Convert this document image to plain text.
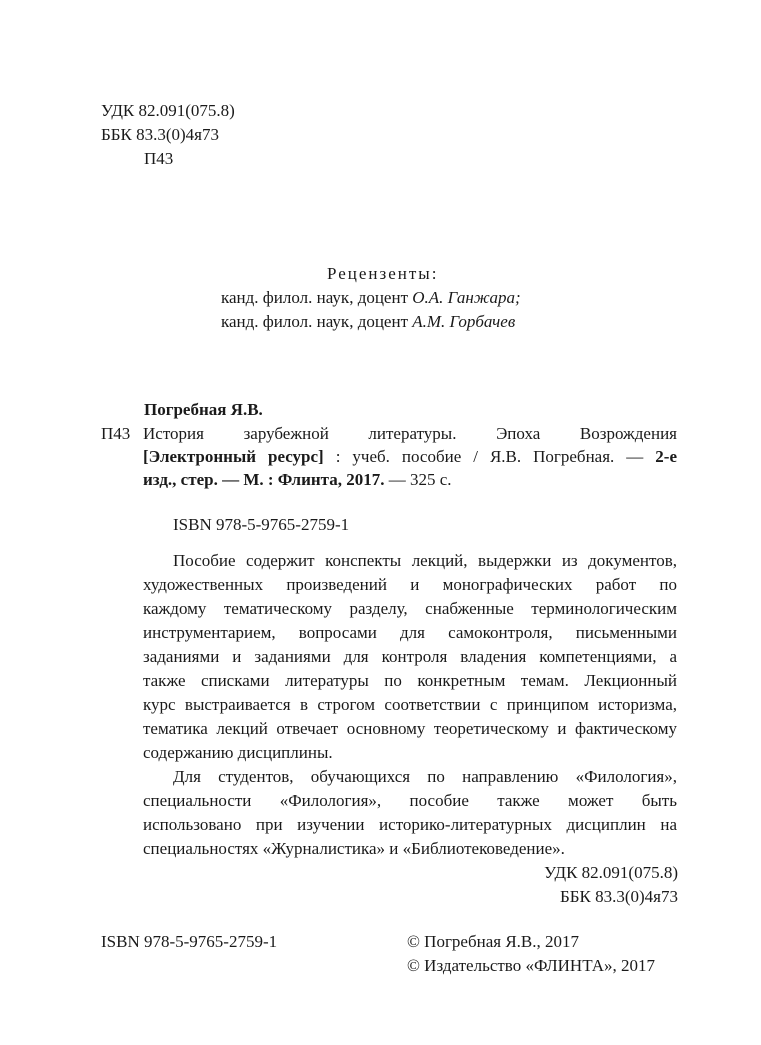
УДК 82.091(075.8)
ББК 83.3(0)4я73
П43
Рецензенты:
канд. филол. наук, доцент О.А. Ганжара;
канд. филол. наук, доцент А.М. Горбачев
Погребная Я.В.
П43 История зарубежной литературы. Эпоха Возрождения
[Электронный ресурс] : учеб. пособие / Я.В. Погребная. — 2-е
изд., стер. — М. : Флинта, 2017. — 325 с.
ISBN 978-5-9765-2759-1
Пособие содержит конспекты лекций, выдержки из документов,
художественных произведений и монографических работ по
каждому тематическому разделу, снабженные терминологическим
инструментарием, вопросами для самоконтроля, письменными
заданиями и заданиями для контроля владения компетенциями, а
также списками литературы по конкретным темам. Лекционный
курс выстраивается в строгом соответствии с принципом историзма,
тематика лекций отвечает основному теоретическому и фактическому
содержанию дисциплины.
Для студентов, обучающихся по направлению «Филология»,
специальности «Филология», пособие также может быть
использовано при изучении историко-литературных дисциплин на
специальностях «Журналистика» и «Библиотековедение».
УДК 82.091(075.8)
ББК 83.3(0)4я73
ISBN 978-5-9765-2759-1	© Погребная Я.В., 2017
© Издательство «ФЛИНТА», 2017
